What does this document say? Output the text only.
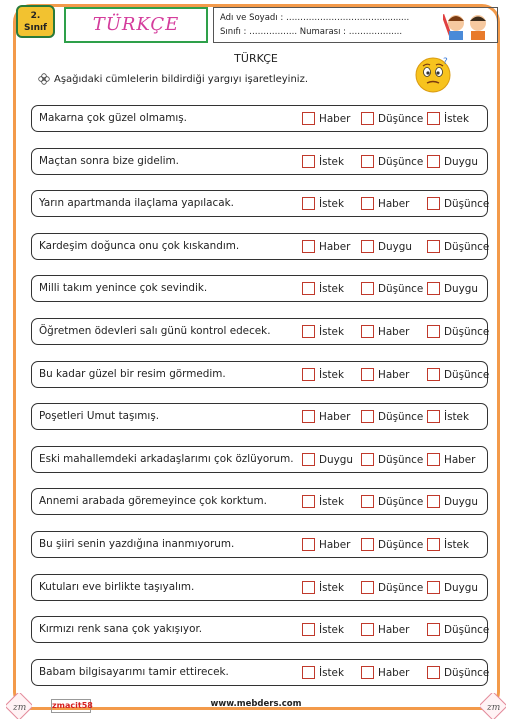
2.
Sınıf	TÜRKÇE	Adı ve Soyadı : ……………………………...........
Sınıfı : …………….. Numarası : ……………....
TÜRKÇE
Aşağıdaki cümlelerin bildirdiği yargıyı işaretleyiniz.
?
Makarna çok güzel olmamış.	Haber	Düşünce	İstek
Maçtan sonra bize gidelim.	İstek	Düşünce	Duygu
Yarın apartmanda ilaçlama yapılacak.	İstek	Haber	Düşünce
Kardeşim doğunca onu çok kıskandım.	Haber	Duygu	Düşünce
Milli takım yenince çok sevindik.	İstek	Düşünce	Duygu
Öğretmen ödevleri salı günü kontrol edecek.	İstek	Haber	Düşünce
Bu kadar güzel bir resim görmedim.	İstek	Haber	Düşünce
Poşetleri Umut taşımış.	Haber	Düşünce	İstek
Eski mahallemdeki arkadaşlarımı çok özlüyorum.	Duygu	Düşünce	Haber
Annemi arabada göremeyince çok korktum.	İstek	Düşünce	Duygu
Bu şiiri senin yazdığına inanmıyorum.	Haber	Düşünce	İstek
Kutuları eve birlikte taşıyalım.	İstek	Düşünce	Duygu
Kırmızı renk sana çok yakışıyor.	İstek	Haber	Düşünce
Babam bilgisayarımı tamir ettirecek.	İstek	Haber	Düşünce
zm	zmacit58	www.mebders.com	zm
